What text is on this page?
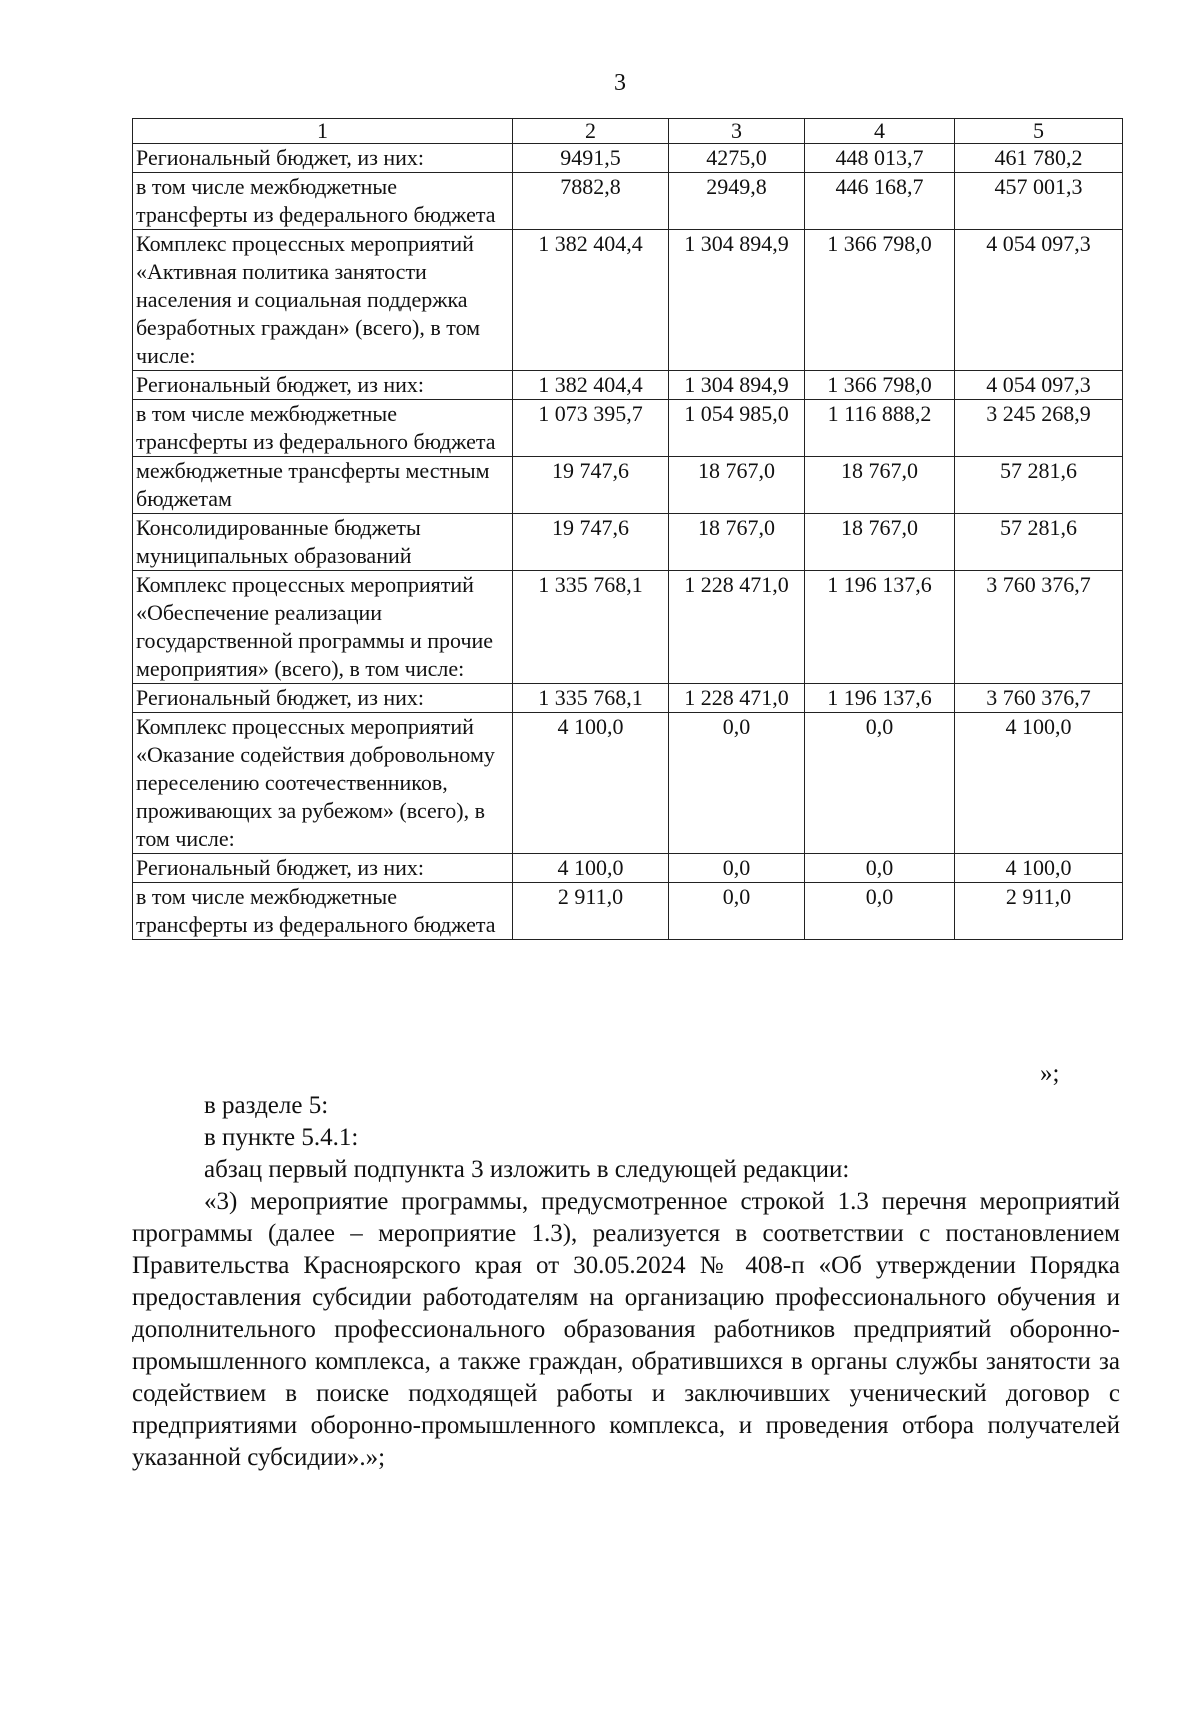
3
1	2	3	4	5
Региональный бюджет, из них:	9491,5	4275,0	448 013,7	461 780,2
в том числе межбюджетные трансферты из федерального бюджета	7882,8	2949,8	446 168,7	457 001,3
Комплекс процессных мероприятий «Активная политика занятости населения и социальная поддержка безработных граждан» (всего), в том числе:	1 382 404,4	1 304 894,9	1 366 798,0	4 054 097,3
Региональный бюджет, из них:	1 382 404,4	1 304 894,9	1 366 798,0	4 054 097,3
в том числе межбюджетные трансферты из федерального бюджета	1 073 395,7	1 054 985,0	1 116 888,2	3 245 268,9
межбюджетные трансферты местным бюджетам	19 747,6	18 767,0	18 767,0	57 281,6
Консолидированные бюджеты муниципальных образований	19 747,6	18 767,0	18 767,0	57 281,6
Комплекс процессных мероприятий «Обеспечение реализации государственной программы и прочие мероприятия» (всего), в том числе:	1 335 768,1	1 228 471,0	1 196 137,6	3 760 376,7
Региональный бюджет, из них:	1 335 768,1	1 228 471,0	1 196 137,6	3 760 376,7
Комплекс процессных мероприятий «Оказание содействия добровольному переселению соотечественников, проживающих за рубежом» (всего), в том числе:	4 100,0	0,0	0,0	4 100,0
Региональный бюджет, из них:	4 100,0	0,0	0,0	4 100,0
в том числе межбюджетные трансферты из федерального бюджета	2 911,0	0,0	0,0	2 911,0
»;

в разделе 5:

в пункте 5.4.1:

абзац первый подпункта 3 изложить в следующей редакции:

«3) мероприятие программы, предусмотренное строкой 1.3 перечня мероприятий программы (далее – мероприятие 1.3), реализуется в соответствии с постановлением Правительства Красноярского края от 30.05.2024 № 408-п «Об утверждении Порядка предоставления субсидии работодателям на организацию профессионального обучения и дополнительного профессионального образования работников предприятий оборонно-промышленного комплекса, а также граждан, обратившихся в органы службы занятости за содействием в поиске подходящей работы и заключивших ученический договор с предприятиями оборонно-промышленного комплекса, и проведения отбора получателей указанной субсидии».»;
